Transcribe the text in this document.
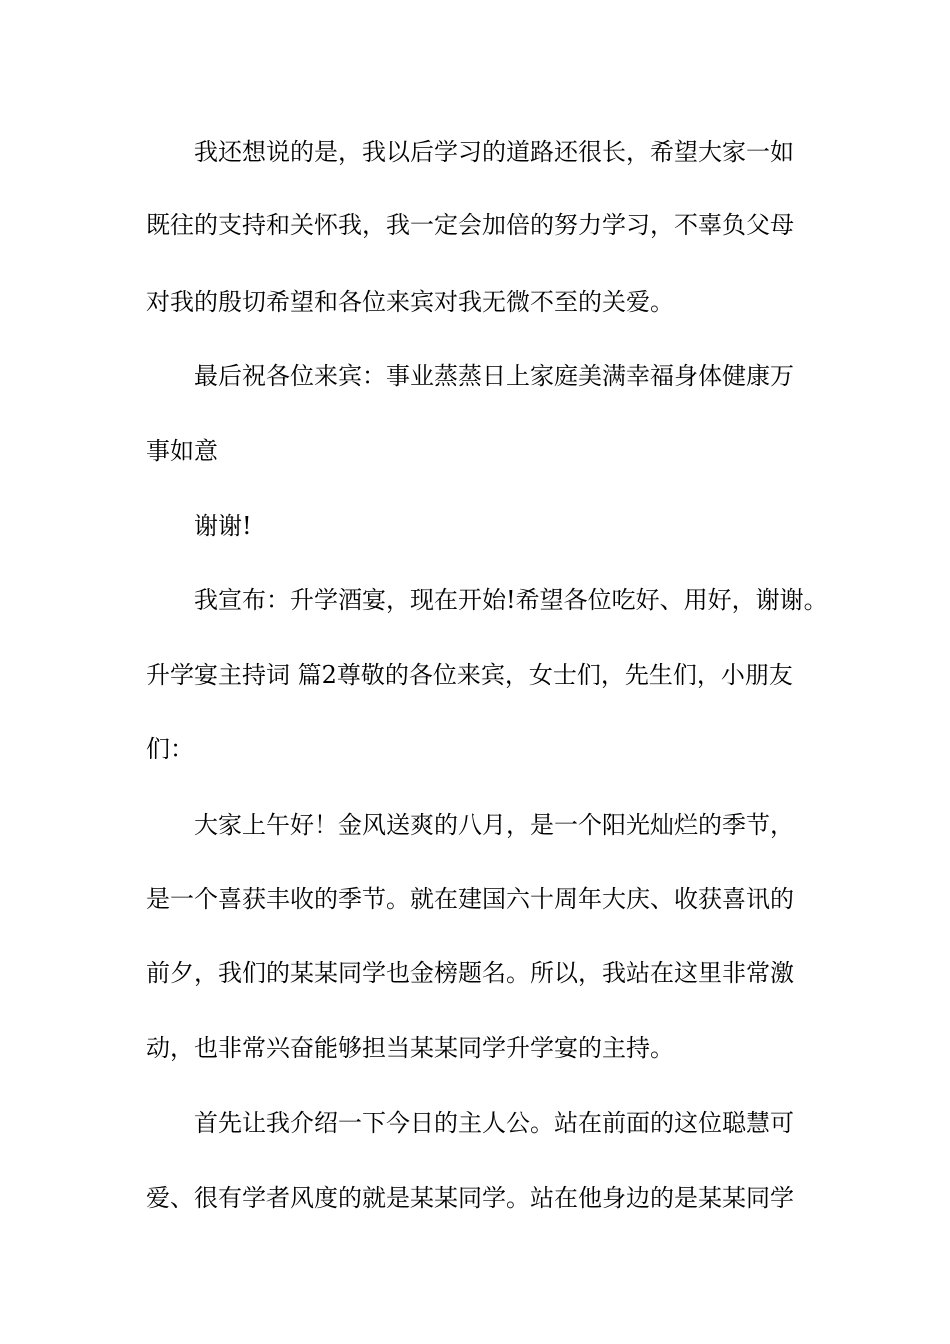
我还想说的是，我以后学习的道路还很长，希望大家一如
既往的支持和关怀我，我一定会加倍的努力学习，不辜负父母
对我的殷切希望和各位来宾对我无微不至的关爱。
最后祝各位来宾：事业蒸蒸日上家庭美满幸福身体健康万
事如意
谢谢!
我宣布：升学酒宴，现在开始!希望各位吃好、用好，谢谢。
升学宴主持词 篇2尊敬的各位来宾，女士们，先生们，小朋友
们：
大家上午好！金风送爽的八月，是一个阳光灿烂的季节，
是一个喜获丰收的季节。就在建国六十周年大庆、收获喜讯的
前夕，我们的某某同学也金榜题名。所以，我站在这里非常激
动，也非常兴奋能够担当某某同学升学宴的主持。
首先让我介绍一下今日的主人公。站在前面的这位聪慧可
爱、很有学者风度的就是某某同学。站在他身边的是某某同学
